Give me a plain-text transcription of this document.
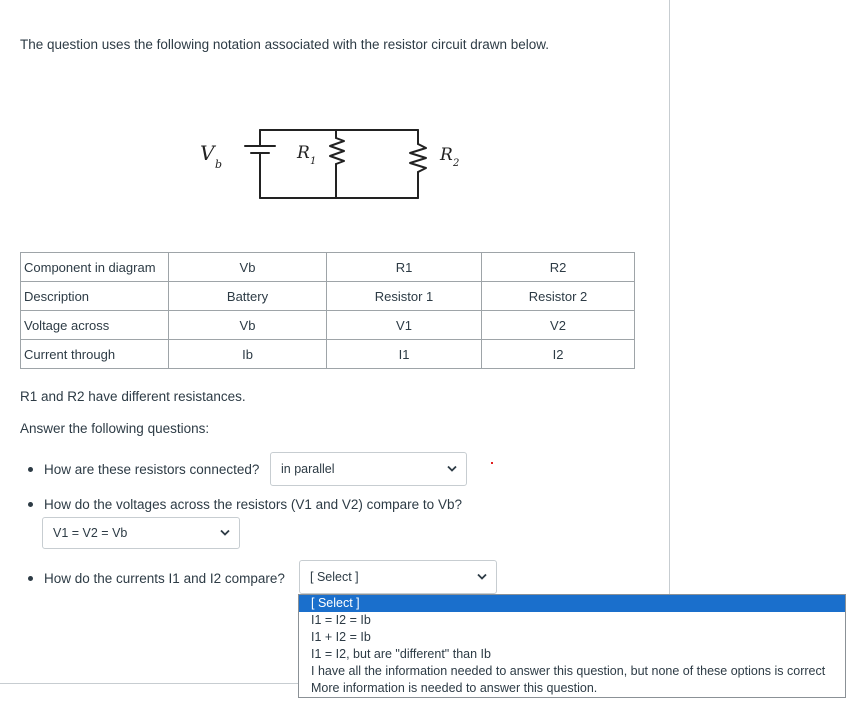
The question uses the following notation associated with the resistor circuit drawn below.
V b
R 1	R 2
Component in diagram	Vb	R1	R2
Description	Battery	Resistor 1	Resistor 2
Voltage across	Vb	V1	V2
Current through	Ib	I1	I2
R1 and R2 have different resistances.
Answer the following questions:
How are these resistors connected? in parallel
How do the voltages across the resistors (V1 and V2) compare to Vb?
V1 = V2 = Vb
How do the currents I1 and I2 compare? [ Select ]
[ Select ]
I1 = I2 = Ib
I1 + I2 = Ib
I1 = I2, but are "different" than Ib
I have all the information needed to answer this question, but none of these options is correct
More information is needed to answer this question.
